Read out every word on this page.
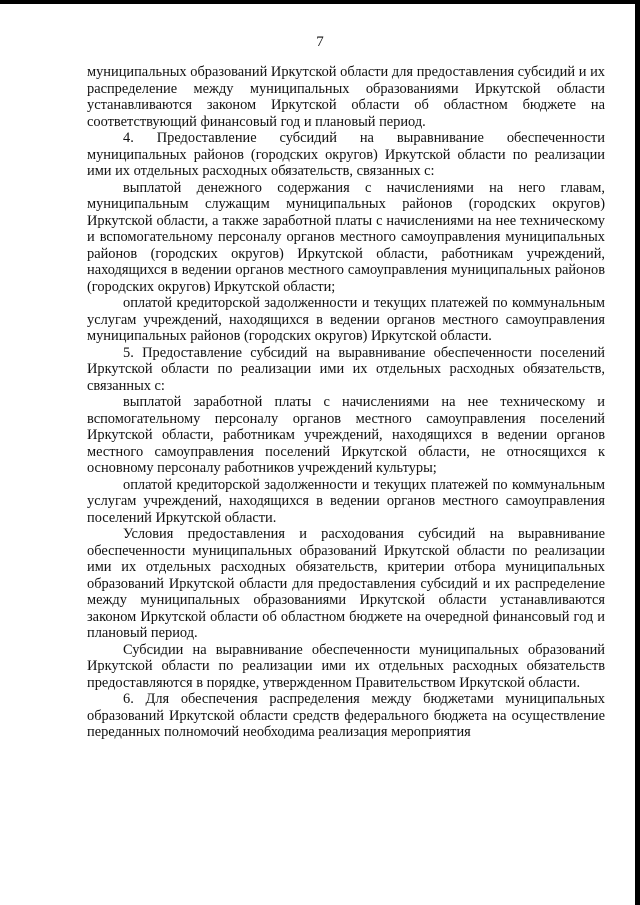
7

муниципальных образований Иркутской области для предоставления субсидий и их распределение между муниципальных образованиями Иркутской области устанавливаются законом Иркутской области об областном бюджете на соответствующий финансовый год и плановый период.

4. Предоставление субсидий на выравнивание обеспеченности муниципальных районов (городских округов) Иркутской области по реализации ими их отдельных расходных обязательств, связанных с:

выплатой денежного содержания с начислениями на него главам, муниципальным служащим муниципальных районов (городских округов) Иркутской области, а также заработной платы с начислениями на нее техническому и вспомогательному персоналу органов местного самоуправления муниципальных районов (городских округов) Иркутской области, работникам учреждений, находящихся в ведении органов местного самоуправления муниципальных районов (городских округов) Иркутской области;

оплатой кредиторской задолженности и текущих платежей по коммунальным услугам учреждений, находящихся в ведении органов местного самоуправления муниципальных районов (городских округов) Иркутской области.

5. Предоставление субсидий на выравнивание обеспеченности поселений Иркутской области по реализации ими их отдельных расходных обязательств, связанных с:

выплатой заработной платы с начислениями на нее техническому и вспомогательному персоналу органов местного самоуправления поселений Иркутской области, работникам учреждений, находящихся в ведении органов местного самоуправления поселений Иркутской области, не относящихся к основному персоналу работников учреждений культуры;

оплатой кредиторской задолженности и текущих платежей по коммунальным услугам учреждений, находящихся в ведении органов местного самоуправления поселений Иркутской области.

Условия предоставления и расходования субсидий на выравнивание обеспеченности муниципальных образований Иркутской области по реализации ими их отдельных расходных обязательств, критерии отбора муниципальных образований Иркутской области для предоставления субсидий и их распределение между муниципальных образованиями Иркутской области устанавливаются законом Иркутской области об областном бюджете на очередной финансовый год и плановый период.

Субсидии на выравнивание обеспеченности муниципальных образований Иркутской области по реализации ими их отдельных расходных обязательств предоставляются в порядке, утвержденном Правительством Иркутской области.

6. Для обеспечения распределения между бюджетами муниципальных образований Иркутской области средств федерального бюджета на осуществление переданных полномочий необходима реализация мероприятия
